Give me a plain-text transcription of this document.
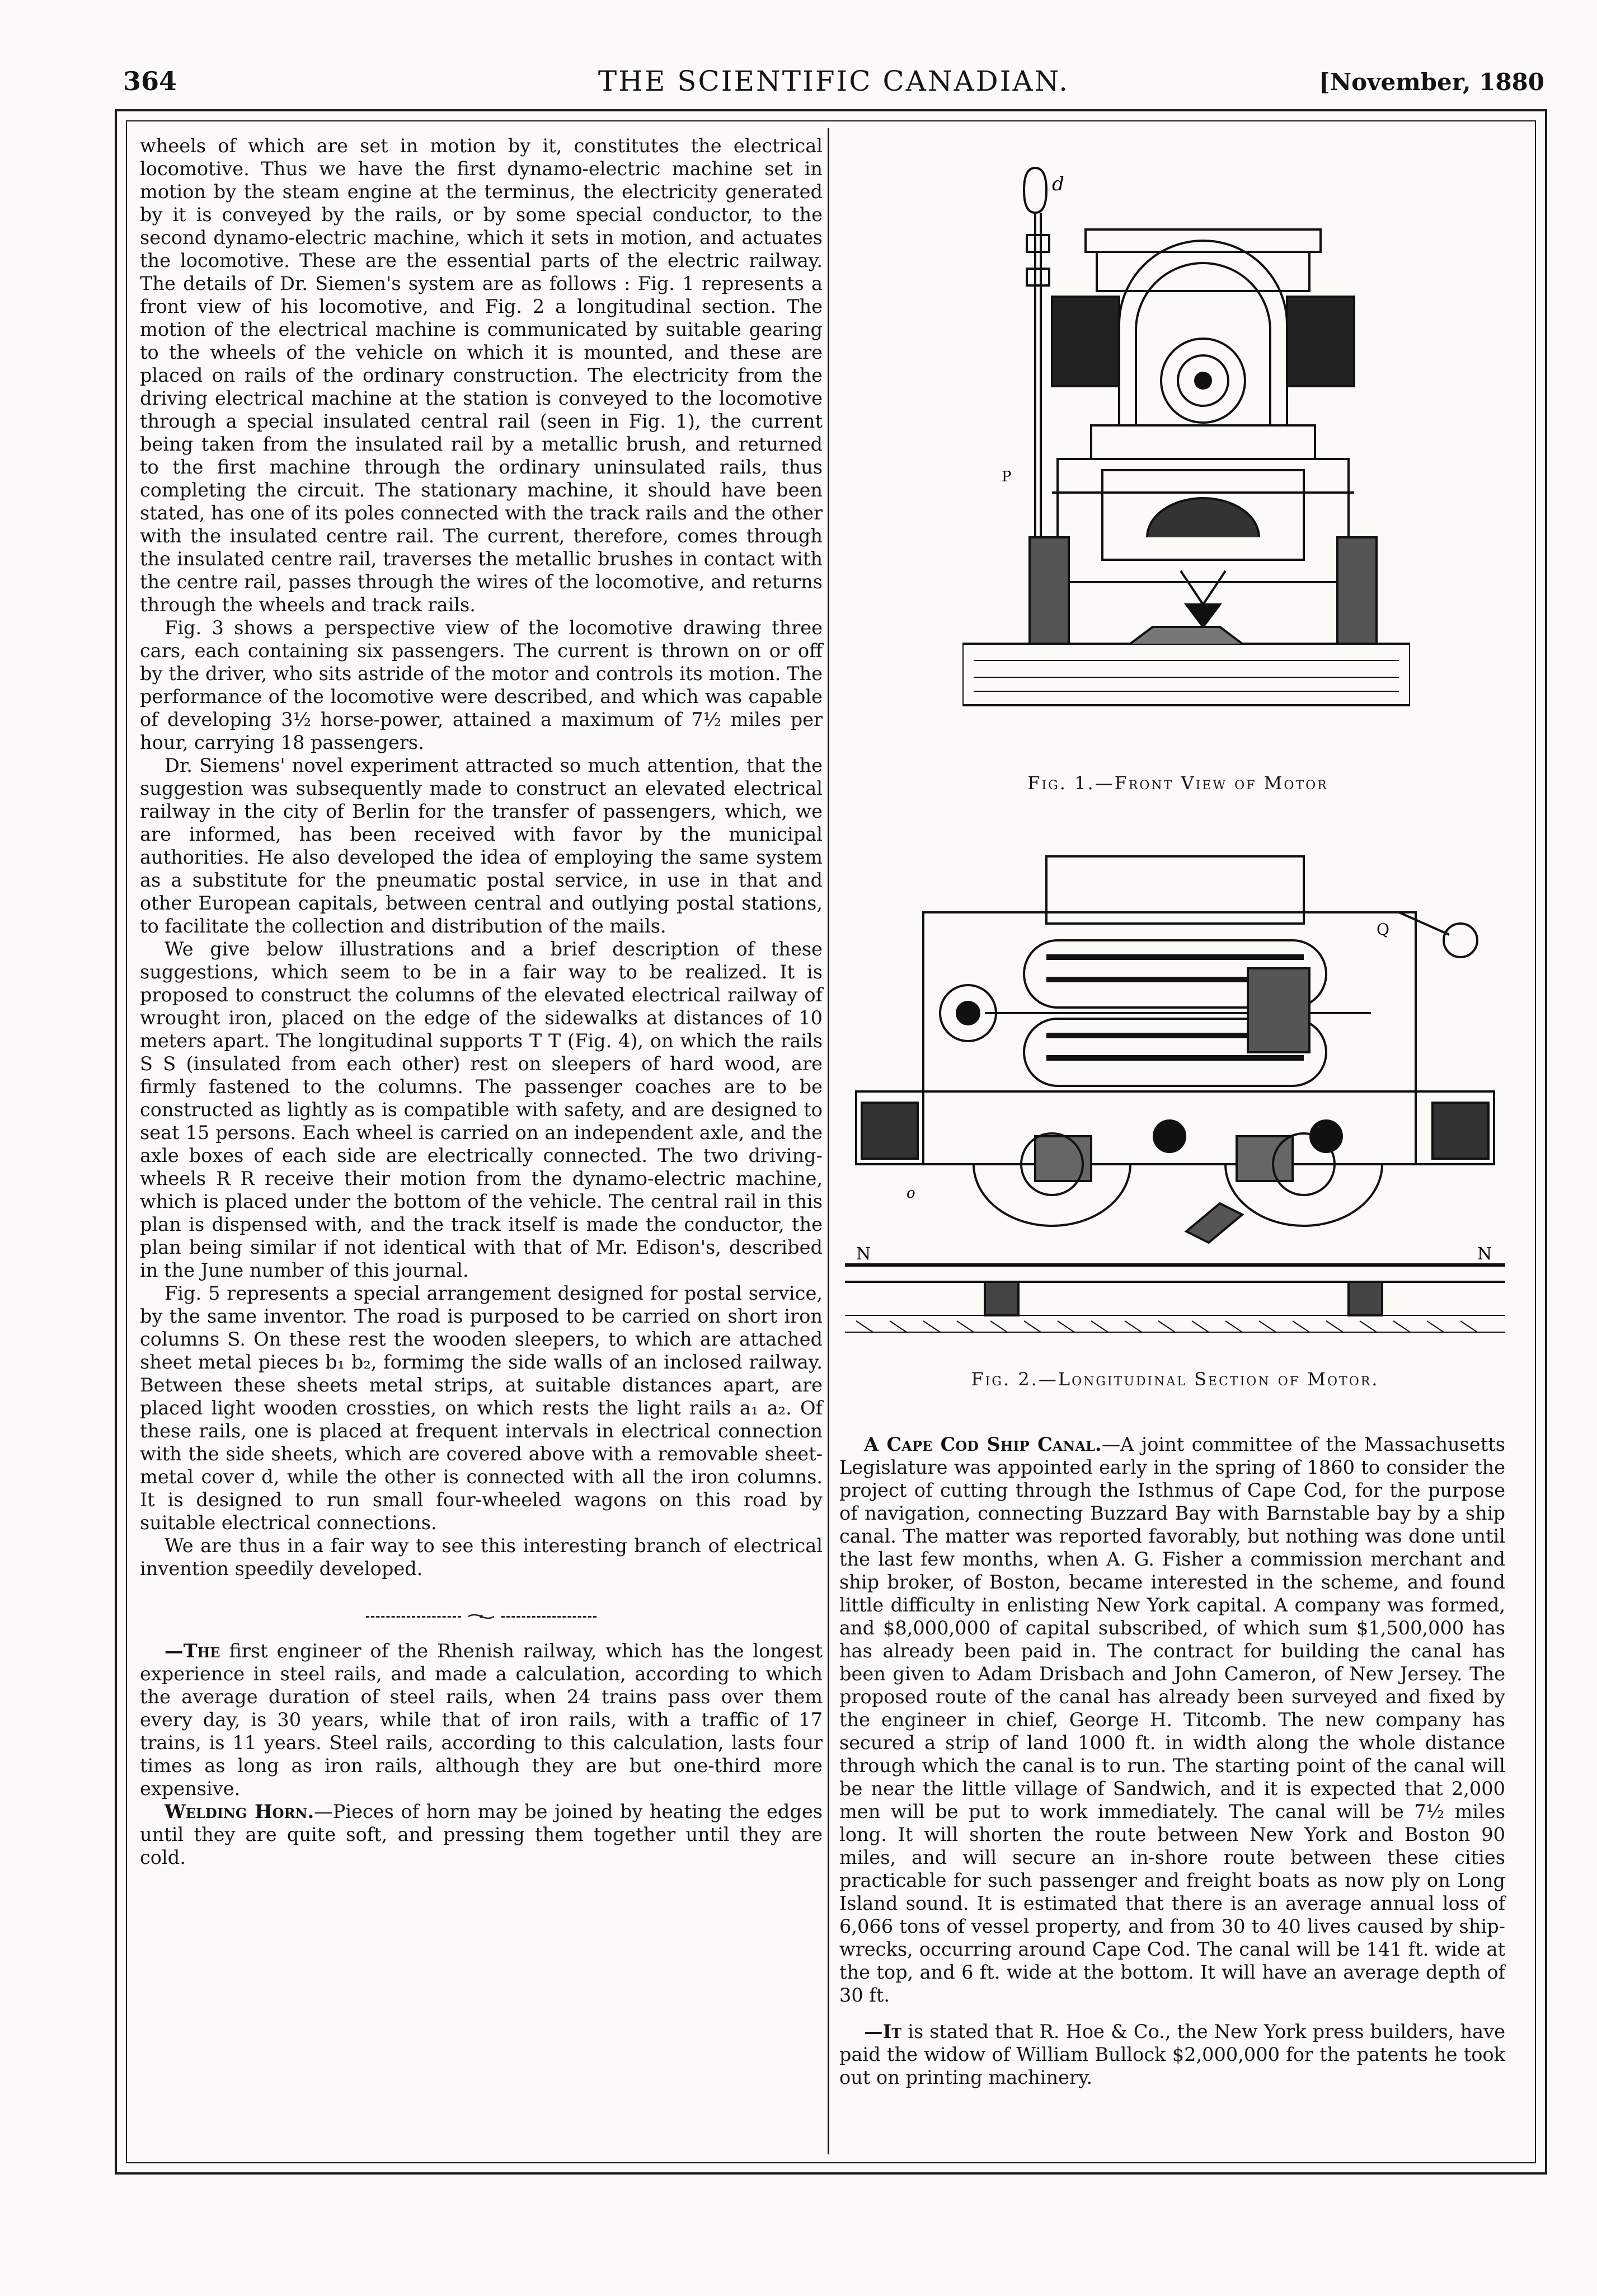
364	THE SCIENTIFIC CANADIAN.	[November, 1880

wheels of which are set in motion by it, constitutes the electrical locomotive. Thus we have the first dynamo-electric machine set in motion by the steam engine at the terminus, the electricity generated by it is conveyed by the rails, or by some special conductor, to the second dynamo-electric machine, which it sets in motion, and actuates the locomotive. These are the essential parts of the electric railway. The details of Dr. Siemen's system are as follows : Fig. 1 represents a front view of his locomotive, and Fig. 2 a longitudinal section. The motion of the electrical machine is communicated by suitable gearing to the wheels of the vehicle on which it is mounted, and these are placed on rails of the ordinary construction. The electricity from the driving electrical machine at the station is conveyed to the locomotive through a special insulated central rail (seen in Fig. 1), the current being taken from the insulated rail by a metallic brush, and returned to the first machine through the ordinary uninsulated rails, thus completing the circuit. The stationary machine, it should have been stated, has one of its poles connected with the track rails and the other with the insulated centre rail. The current, therefore, comes through the insulated centre rail, traverses the metallic brushes in contact with the centre rail, passes through the wires of the locomotive, and returns through the wheels and track rails.

Fig. 3 shows a perspective view of the locomotive drawing three cars, each containing six passengers. The current is thrown on or off by the driver, who sits astride of the motor and controls its motion. The performance of the locomotive were described, and which was capable of developing 3½ horse-power, attained a maximum of 7½ miles per hour, carrying 18 passengers.

Dr. Siemens' novel experiment attracted so much attention, that the suggestion was subsequently made to construct an elevated electrical railway in the city of Berlin for the transfer of passengers, which, we are informed, has been received with favor by the municipal authorities. He also developed the idea of employing the same system as a substitute for the pneumatic postal service, in use in that and other European capitals, between central and outlying postal stations, to facilitate the collection and distribution of the mails.

We give below illustrations and a brief description of these suggestions, which seem to be in a fair way to be realized. It is proposed to construct the columns of the elevated electrical railway of wrought iron, placed on the edge of the sidewalks at distances of 10 meters apart. The longitudinal supports T T (Fig. 4), on which the rails S S (insulated from each other) rest on sleepers of hard wood, are firmly fastened to the columns. The passenger coaches are to be constructed as lightly as is compatible with safety, and are designed to seat 15 persons. Each wheel is carried on an independent axle, and the axle boxes of each side are electrically connected. The two driving-wheels R R receive their motion from the dynamo-electric machine, which is placed under the bottom of the vehicle. The central rail in this plan is dispensed with, and the track itself is made the conductor, the plan being similar if not identical with that of Mr. Edison's, described in the June number of this journal.

Fig. 5 represents a special arrangement designed for postal service, by the same inventor. The road is purposed to be carried on short iron columns S. On these rest the wooden sleepers, to which are attached sheet metal pieces b₁ b₂, formimg the side walls of an inclosed railway. Between these sheets metal strips, at suitable distances apart, are placed light wooden crossties, on which rests the light rails a₁ a₂. Of these rails, one is placed at frequent intervals in electrical connection with the side sheets, which are covered above with a removable sheet-metal cover d, while the other is connected with all the iron columns. It is designed to run small four-wheeled wagons on this road by suitable electrical connections.

We are thus in a fair way to see this interesting branch of electrical invention speedily developed.

—The first engineer of the Rhenish railway, which has the longest experience in steel rails, and made a calculation, according to which the average duration of steel rails, when 24 trains pass over them every day, is 30 years, while that of iron rails, with a traffic of 17 trains, is 11 years. Steel rails, according to this calculation, lasts four times as long as iron rails, although they are but one-third more expensive.

Welding Horn.—Pieces of horn may be joined by heating the edges until they are quite soft, and pressing them together until they are cold.

d
P
Fig. 1.—Front View of Motor
N	N
Q
o
Fig. 2.—Longitudinal Section of Motor.

A Cape Cod Ship Canal.—A joint committee of the Massachusetts Legislature was appointed early in the spring of 1860 to consider the project of cutting through the Isthmus of Cape Cod, for the purpose of navigation, connecting Buzzard Bay with Barnstable bay by a ship canal. The matter was reported favorably, but nothing was done until the last few months, when A. G. Fisher a commission merchant and ship broker, of Boston, became interested in the scheme, and found little difficulty in enlisting New York capital. A company was formed, and $8,000,000 of capital subscribed, of which sum $1,500,000 has has already been paid in. The contract for building the canal has been given to Adam Drisbach and John Cameron, of New Jersey. The proposed route of the canal has already been surveyed and fixed by the engineer in chief, George H. Titcomb. The new company has secured a strip of land 1000 ft. in width along the whole distance through which the canal is to run. The starting point of the canal will be near the little village of Sandwich, and it is expected that 2,000 men will be put to work immediately. The canal will be 7½ miles long. It will shorten the route between New York and Boston 90 miles, and will secure an in-shore route between these cities practicable for such passenger and freight boats as now ply on Long Island sound. It is estimated that there is an average annual loss of 6,066 tons of vessel property, and from 30 to 40 lives caused by ship-wrecks, occurring around Cape Cod. The canal will be 141 ft. wide at the top, and 6 ft. wide at the bottom. It will have an average depth of 30 ft.

—It is stated that R. Hoe & Co., the New York press builders, have paid the widow of William Bullock $2,000,000 for the patents he took out on printing machinery.
